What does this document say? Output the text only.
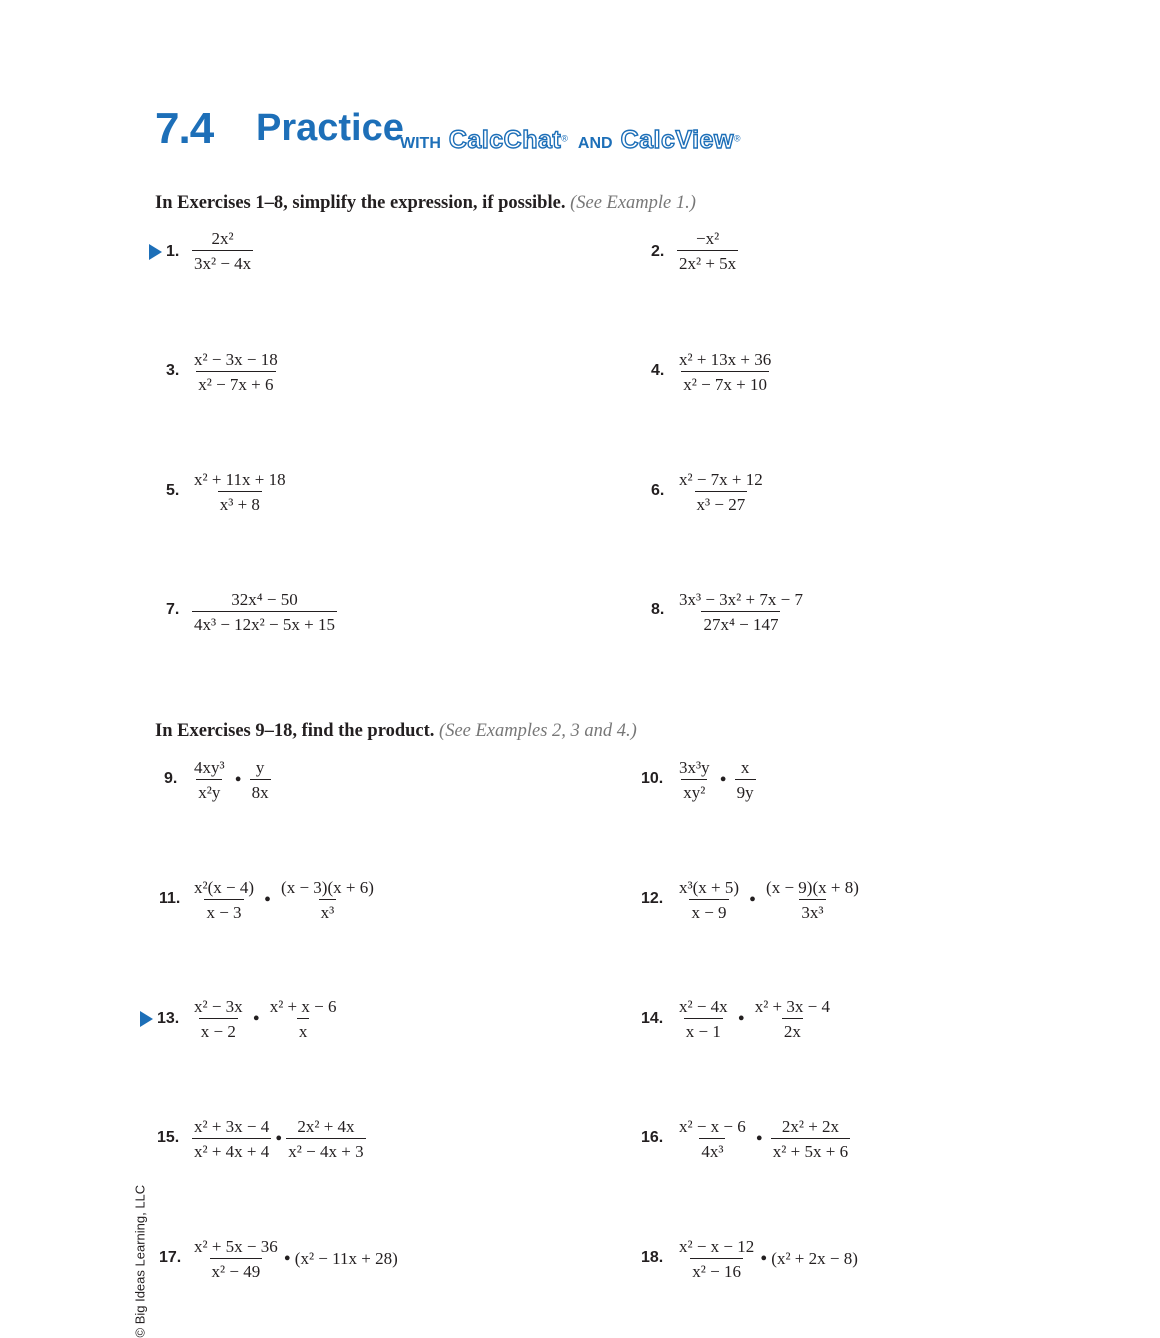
7.4 Practice
WITH CalcChat® AND CalcView®
In Exercises 1–8, simplify the expression, if possible. (See Example 1.)
1. $\frac{\text{2x²}}{\text{3x² − 4x}}$	2. $\frac{\text{−x²}}{\text{2x² + 5x}}$
3. $\frac{\text{x² − 3x − 18}}{\text{x² − 7x + 6}}$	4. $\frac{\text{x² + 13x + 36}}{\text{x² − 7x + 10}}$
5. $\frac{\text{x² + 11x + 18}}{\text{x³ + 8}}$	6. $\frac{\text{x² − 7x + 12}}{\text{x³ − 27}}$
7. $\frac{\text{32x⁴ − 50}}{\text{4x³ − 12x² − 5x + 15}}$	8. $\frac{\text{3x³ − 3x² + 7x − 7}}{\text{27x⁴ − 147}}$
In Exercises 9–18, find the product. (See Examples 2, 3 and 4.)
9. $\frac{\text{4xy³}}{\text{x²y}}$ • $\frac{y}{8x}$	10. $\frac{\text{3x³y}}{\text{xy²}}$ • $\frac{x}{9y}$
11. $\frac{\text{x²(x − 4)}}{x - 3}$ • $\frac{(x - 3)(x + 6)}{\text{x³}}$	12. $\frac{\text{x³(x + 5)}}{x - 9}$ • $\frac{(x - 9)(x + 8)}{\text{3x³}}$
13. $\frac{\text{x² − 3x}}{x - 2}$ • $\frac{\text{x² + x − 6}}{x}$	14. $\frac{\text{x² − 4x}}{x - 1}$ • $\frac{\text{x² + 3x − 4}}{2x}$
15. $\frac{\text{x² + 3x − 4}}{\text{x² + 4x + 4}}$ • $\frac{\text{2x² + 4x}}{\text{x² − 4x + 3}}$	16. $\frac{\text{x² − x − 6}}{\text{4x³}}$ • $\frac{\text{2x² + 2x}}{\text{x² + 5x + 6}}$
17. $\frac{\text{x² + 5x − 36}}{\text{x² − 49}}$ • (x² − 11x + 28)	18. $\frac{\text{x² − x − 12}}{\text{x² − 16}}$ • (x² + 2x − 8)
© Big Ideas Learning, LLC
